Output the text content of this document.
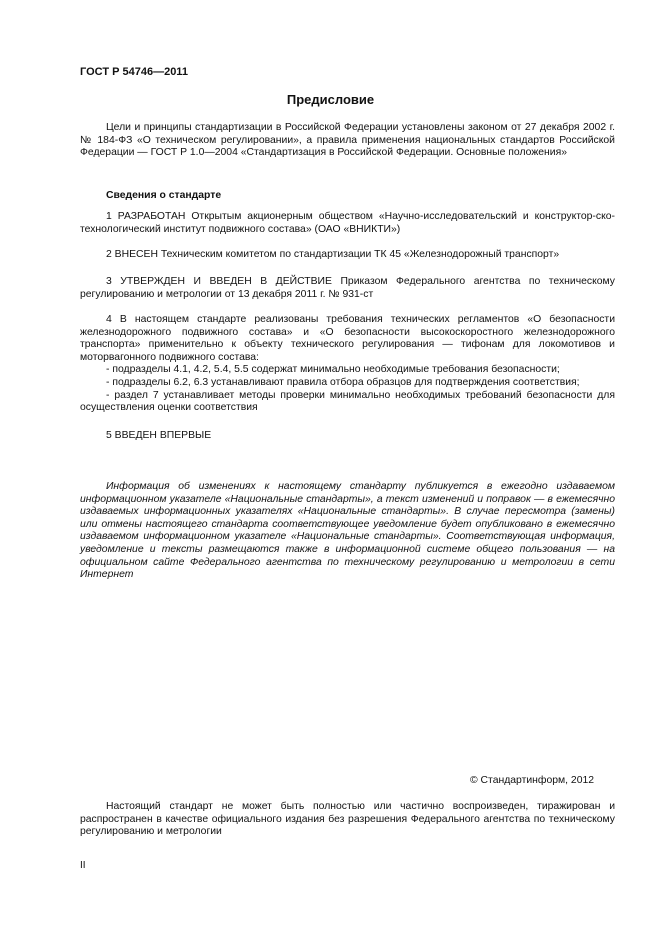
ГОСТ Р 54746—2011
Предисловие

Цели и принципы стандартизации в Российской Федерации установлены законом от 27 декабря 2002 г. № 184-ФЗ «О техническом регулировании», а правила применения национальных стандартов Российской Федерации — ГОСТ Р 1.0—2004 «Стандартизация в Российской Федерации. Основные положения»

Сведения о стандарте

1 РАЗРАБОТАН Открытым акционерным обществом «Научно-исследовательский и конструктор-ско-технологический институт подвижного состава» (ОАО «ВНИКТИ»)

2 ВНЕСЕН Техническим комитетом по стандартизации ТК 45 «Железнодорожный транспорт»

3 УТВЕРЖДЕН И ВВЕДЕН В ДЕЙСТВИЕ Приказом Федерального агентства по техническому регулированию и метрологии от 13 декабря 2011 г. № 931-ст

4 В настоящем стандарте реализованы требования технических регламентов «О безопасности железнодорожного подвижного состава» и «О безопасности высокоскоростного железнодорожного транспорта» применительно к объекту технического регулирования — тифонам для локомотивов и моторвагонного подвижного состава:

- подразделы 4.1, 4.2, 5.4, 5.5 содержат минимально необходимые требования безопасности;

- подразделы 6.2, 6.3 устанавливают правила отбора образцов для подтверждения соответствия;

- раздел 7 устанавливает методы проверки минимально необходимых требований безопасности для осуществления оценки соответствия

5 ВВЕДЕН ВПЕРВЫЕ

Информация об изменениях к настоящему стандарту публикуется в ежегодно издаваемом информационном указателе «Национальные стандарты», а текст изменений и поправок — в ежемесячно издаваемых информационных указателях «Национальные стандарты». В случае пересмотра (замены) или отмены настоящего стандарта соответствующее уведомление будет опубликовано в ежемесячно издаваемом информационном указателе «Национальные стандарты». Соответствующая информация, уведомление и тексты размещаются также в информационной системе общего пользования — на официальном сайте Федерального агентства по техническому регулированию и метрологии в сети Интернет

© Стандартинформ, 2012

Настоящий стандарт не может быть полностью или частично воспроизведен, тиражирован и распространен в качестве официального издания без разрешения Федерального агентства по техническому регулированию и метрологии

II
